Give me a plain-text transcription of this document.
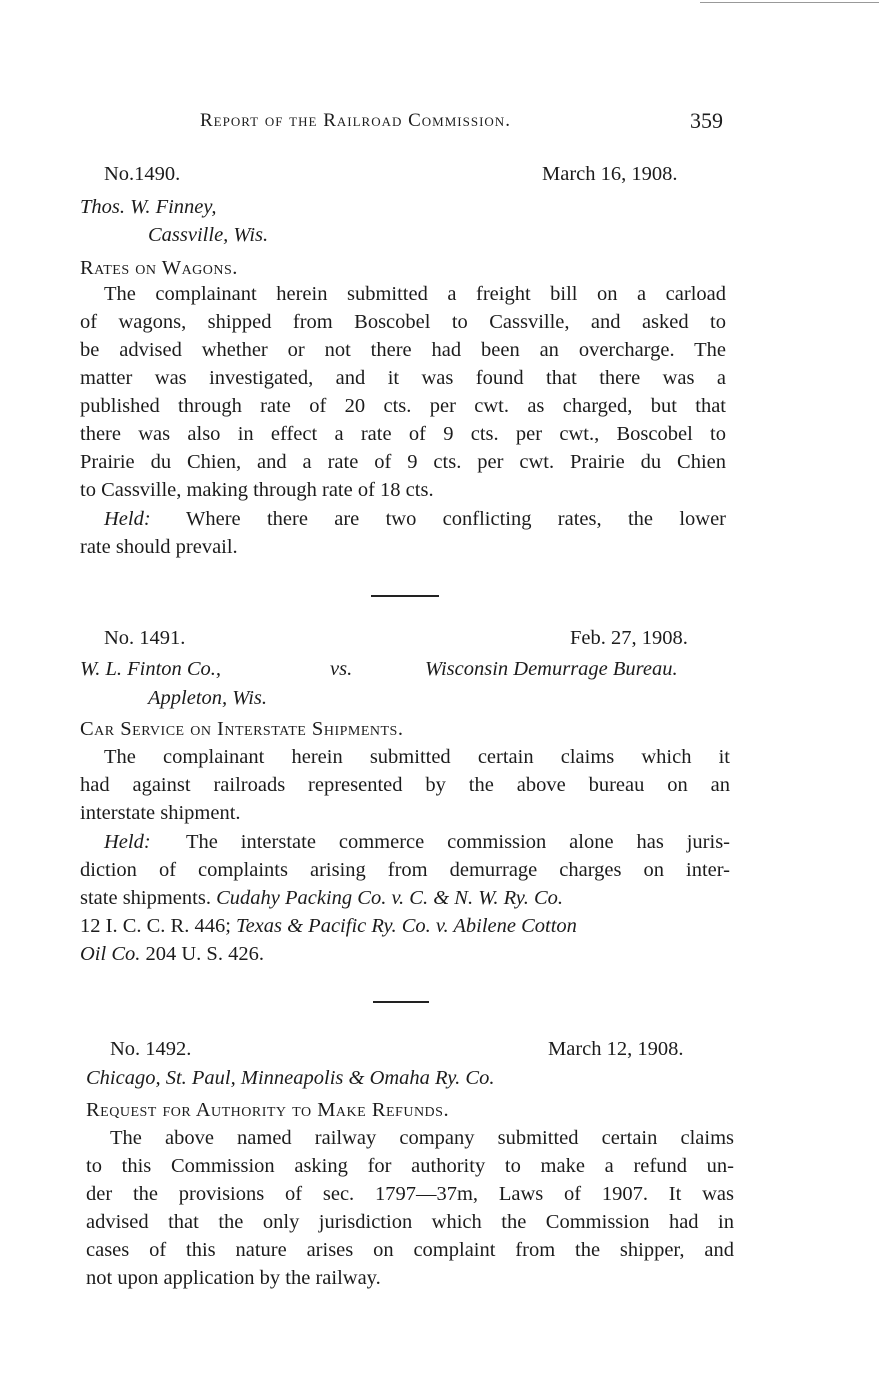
Report of the Railroad Commission.	359
No.1490.	March 16, 1908.
Thos. W. Finney,
Cassville, Wis.
Rates on Wagons.
The complainant herein submitted a freight bill on a carload
of wagons, shipped from Boscobel to Cassville, and asked to
be advised whether or not there had been an overcharge. The
matter was investigated, and it was found that there was a
published through rate of 20 cts. per cwt. as charged, but that
there was also in effect a rate of 9 cts. per cwt., Boscobel to
Prairie du Chien, and a rate of 9 cts. per cwt. Prairie du Chien
to Cassville, making through rate of 18 cts.
Held: Where there are two conflicting rates, the lower
rate should prevail.
No. 1491.	Feb. 27, 1908.
W. L. Finton Co.,	vs.	Wisconsin Demurrage Bureau.
Appleton, Wis.
Car Service on Interstate Shipments.
The complainant herein submitted certain claims which it
had against railroads represented by the above bureau on an
interstate shipment.
Held: The interstate commerce commission alone has juris-
diction of complaints arising from demurrage charges on inter-
state shipments. Cudahy Packing Co. v. C. & N. W. Ry. Co.
12 I. C. C. R. 446; Texas & Pacific Ry. Co. v. Abilene Cotton
Oil Co. 204 U. S. 426.
No. 1492.	March 12, 1908.
Chicago, St. Paul, Minneapolis & Omaha Ry. Co.
Request for Authority to Make Refunds.
The above named railway company submitted certain claims
to this Commission asking for authority to make a refund un-
der the provisions of sec. 1797—37m, Laws of 1907. It was
advised that the only jurisdiction which the Commission had in
cases of this nature arises on complaint from the shipper, and
not upon application by the railway.
